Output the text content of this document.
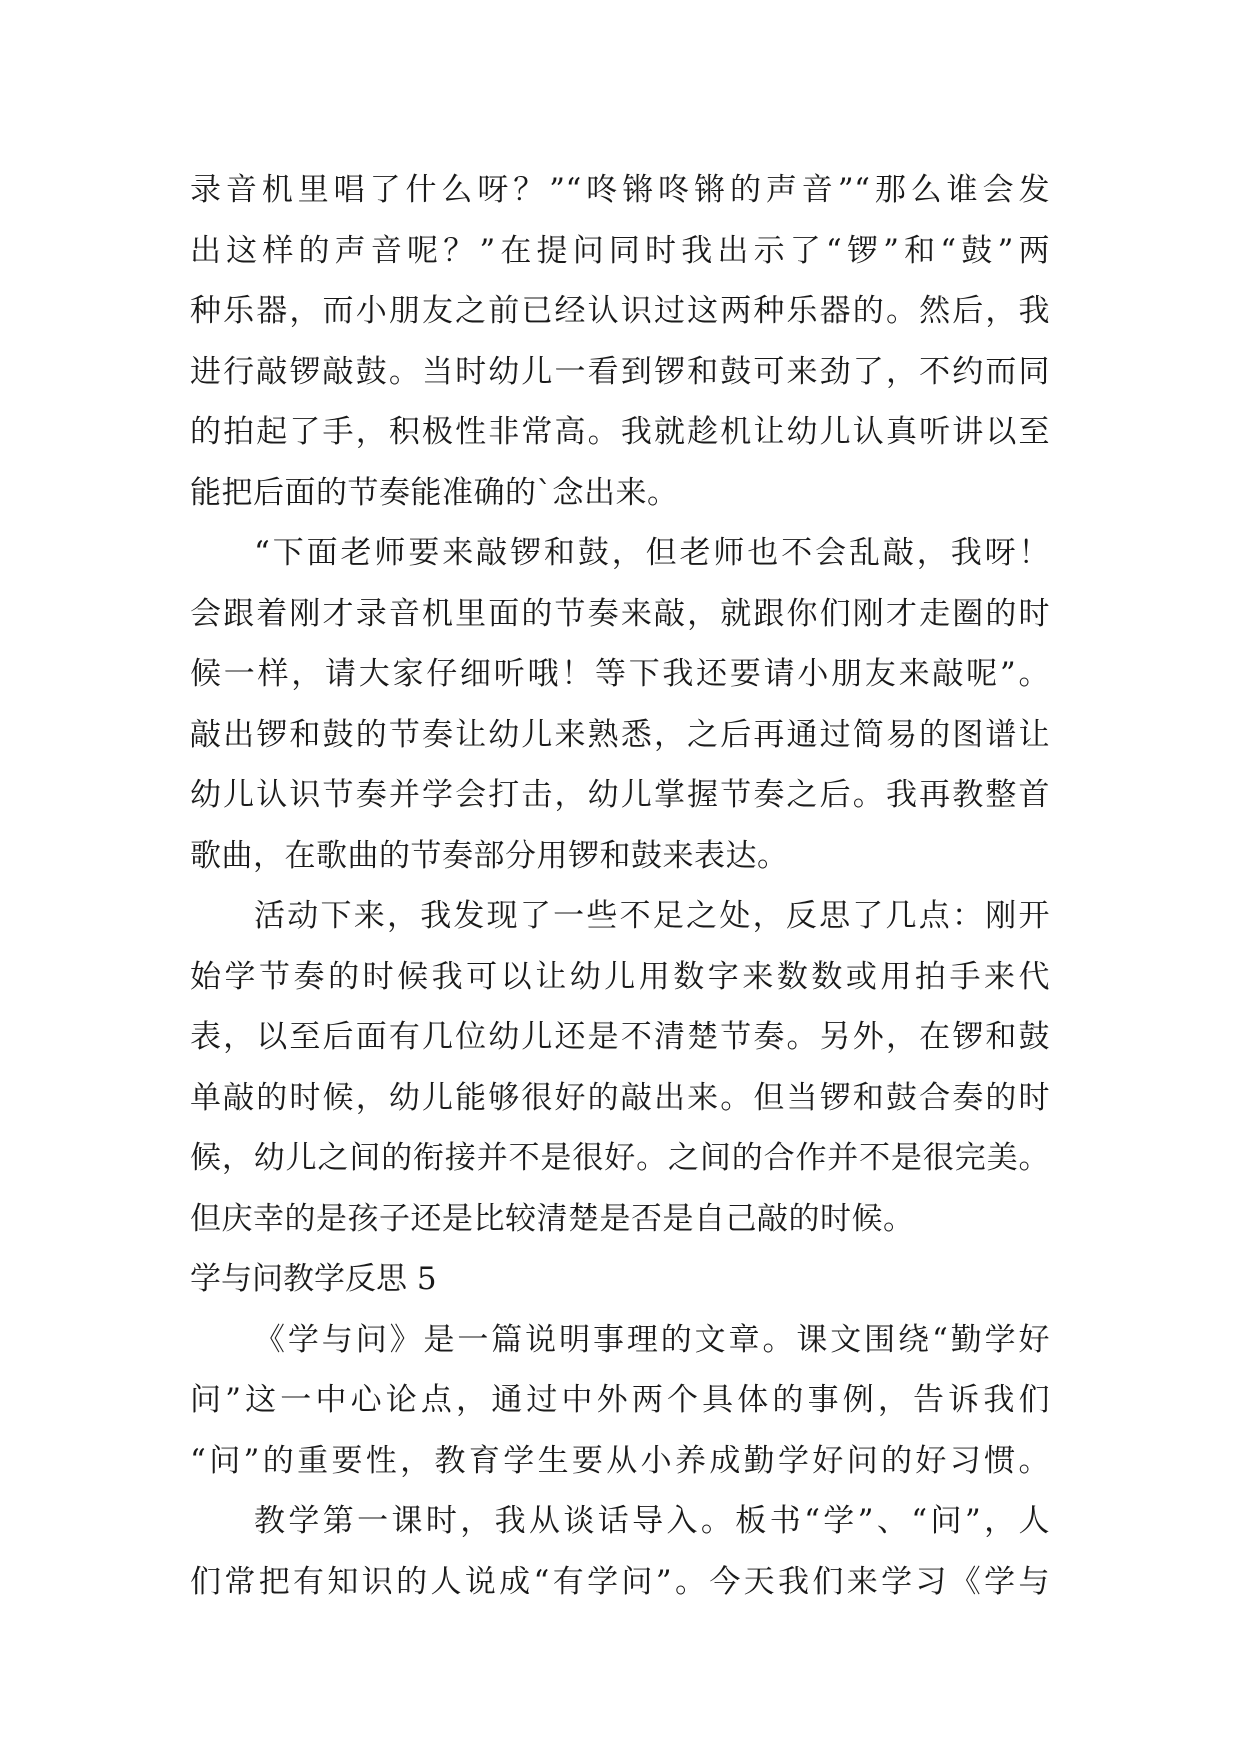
录音机里唱了什么呀？”“咚锵咚锵的声音”“那么谁会发
出这样的声音呢？”在提问同时我出示了“锣”和“鼓”两
种乐器，而小朋友之前已经认识过这两种乐器的。然后，我
进行敲锣敲鼓。当时幼儿一看到锣和鼓可来劲了，不约而同
的拍起了手，积极性非常高。我就趁机让幼儿认真听讲以至
能把后面的节奏能准确的`念出来。
“下面老师要来敲锣和鼓，但老师也不会乱敲，我呀！
会跟着刚才录音机里面的节奏来敲，就跟你们刚才走圈的时
候一样，请大家仔细听哦！等下我还要请小朋友来敲呢”。
敲出锣和鼓的节奏让幼儿来熟悉，之后再通过简易的图谱让
幼儿认识节奏并学会打击，幼儿掌握节奏之后。我再教整首
歌曲，在歌曲的节奏部分用锣和鼓来表达。
活动下来，我发现了一些不足之处，反思了几点：刚开
始学节奏的时候我可以让幼儿用数字来数数或用拍手来代
表，以至后面有几位幼儿还是不清楚节奏。另外，在锣和鼓
单敲的时候，幼儿能够很好的敲出来。但当锣和鼓合奏的时
候，幼儿之间的衔接并不是很好。之间的合作并不是很完美。
但庆幸的是孩子还是比较清楚是否是自己敲的时候。
学与问教学反思 5
《学与问》是一篇说明事理的文章。课文围绕“勤学好
问”这一中心论点，通过中外两个具体的事例，告诉我们
“问”的重要性，教育学生要从小养成勤学好问的好习惯。
教学第一课时，我从谈话导入。板书“学”、“问”，人
们常把有知识的人说成“有学问”。今天我们来学习《学与
